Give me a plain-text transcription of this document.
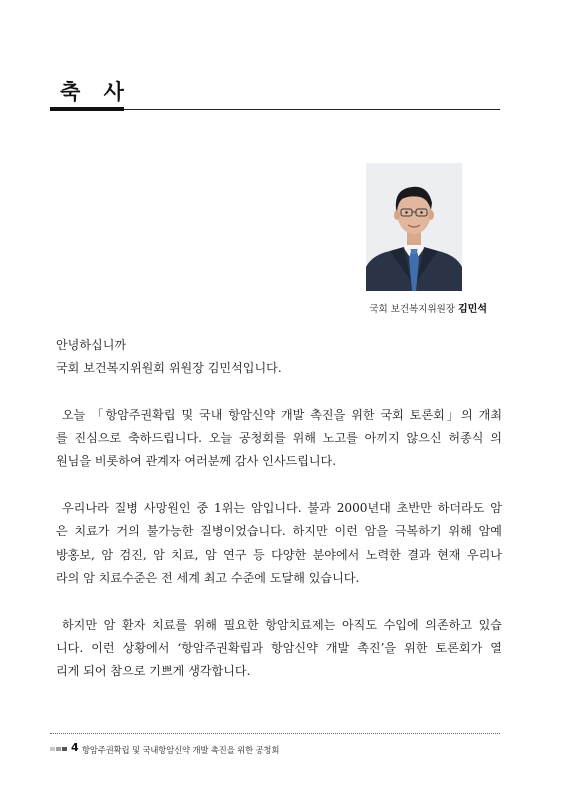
축 사
국회 보건복지위원장 김민석
안녕하십니까
국회 보건복지위원회 위원장 김민석입니다.
오늘 「항암주권확립 및 국내 항암신약 개발 촉진을 위한 국회 토론회」의 개최
를 진심으로 축하드립니다. 오늘 공청회를 위해 노고를 아끼지 않으신 허종식 의
원님을 비롯하여 관계자 여러분께 감사 인사드립니다.
우리나라 질병 사망원인 중 1위는 암입니다. 불과 2000년대 초반만 하더라도 암
은 치료가 거의 불가능한 질병이었습니다. 하지만 이런 암을 극복하기 위해 암예
방홍보, 암 검진, 암 치료, 암 연구 등 다양한 분야에서 노력한 결과 현재 우리나
라의 암 치료수준은 전 세계 최고 수준에 도달해 있습니다.
하지만 암 환자 치료를 위해 필요한 항암치료제는 아직도 수입에 의존하고 있습
니다. 이런 상황에서 ‘항암주권확립과 항암신약 개발 촉진’을 위한 토론회가 열
리게 되어 참으로 기쁘게 생각합니다.
4 항암주권확립 및 국내항암신약 개발 촉진을 위한 공청회
